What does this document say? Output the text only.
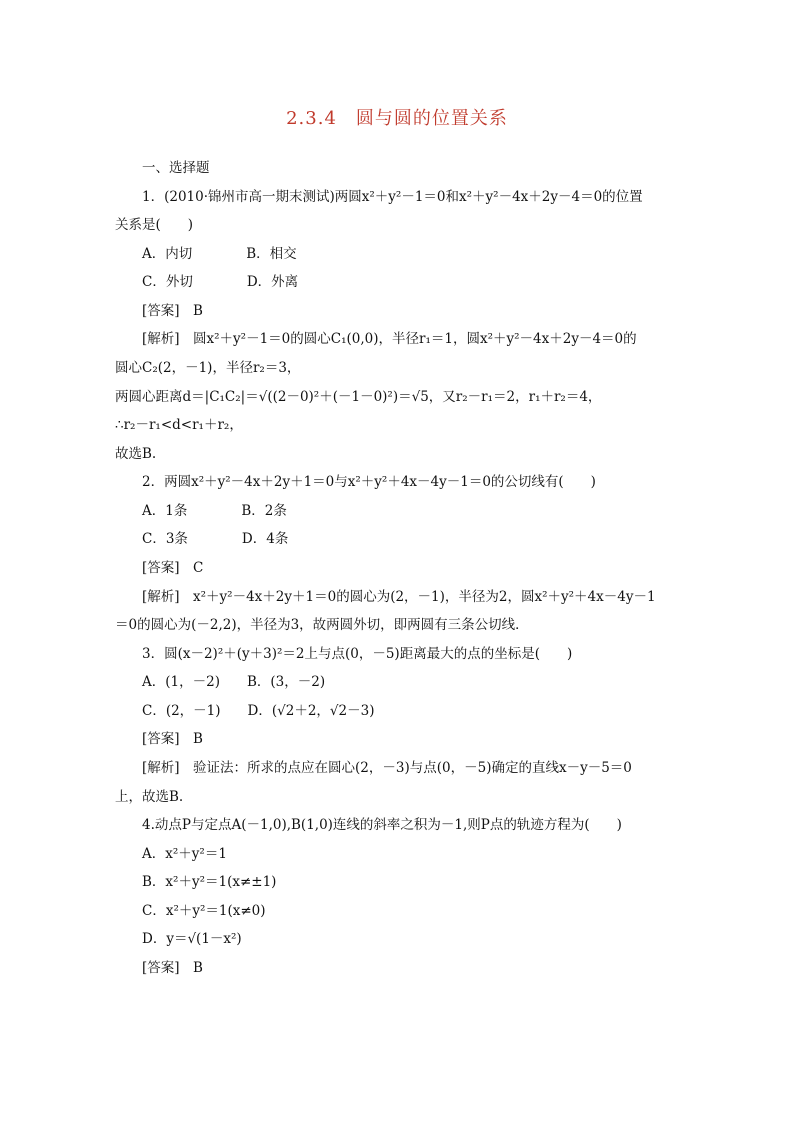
2.3.4　圆与圆的位置关系
一、选择题
1．(2010·锦州市高一期末测试)两圆x²＋y²－1＝0和x²＋y²－4x＋2y－4＝0的位置
关系是(　　)
A．内切　　　　B．相交
C．外切　　　　D．外离
[答案]　B
[解析]　圆x²＋y²－1＝0的圆心C₁(0,0)，半径r₁＝1，圆x²＋y²－4x＋2y－4＝0的
圆心C₂(2，－1)，半径r₂＝3，
两圆心距离d＝|C₁C₂|＝√((2－0)²＋(－1－0)²)＝√5，又r₂－r₁＝2，r₁＋r₂＝4，
∴r₂－r₁<d<r₁＋r₂，
故选B.
2．两圆x²＋y²－4x＋2y＋1＝0与x²＋y²＋4x－4y－1＝0的公切线有(　　)
A．1条　　　　B．2条
C．3条　　　　D．4条
[答案]　C
[解析]　x²＋y²－4x＋2y＋1＝0的圆心为(2，－1)，半径为2，圆x²＋y²＋4x－4y－1
＝0的圆心为(－2,2)，半径为3，故两圆外切，即两圆有三条公切线．
3．圆(x－2)²＋(y＋3)²＝2上与点(0，－5)距离最大的点的坐标是(　　)
A．(1，－2)　　B．(3，－2)
C．(2，－1)　　D．(√2＋2，√2－3)
[答案]　B
[解析]　验证法：所求的点应在圆心(2，－3)与点(0，－5)确定的直线x－y－5＝0
上，故选B.
4.动点P与定点A(－1,0),B(1,0)连线的斜率之积为－1,则P点的轨迹方程为(　　)
A．x²＋y²＝1
B．x²＋y²＝1(x≠±1)
C．x²＋y²＝1(x≠0)
D．y＝√(1－x²)
[答案]　B
